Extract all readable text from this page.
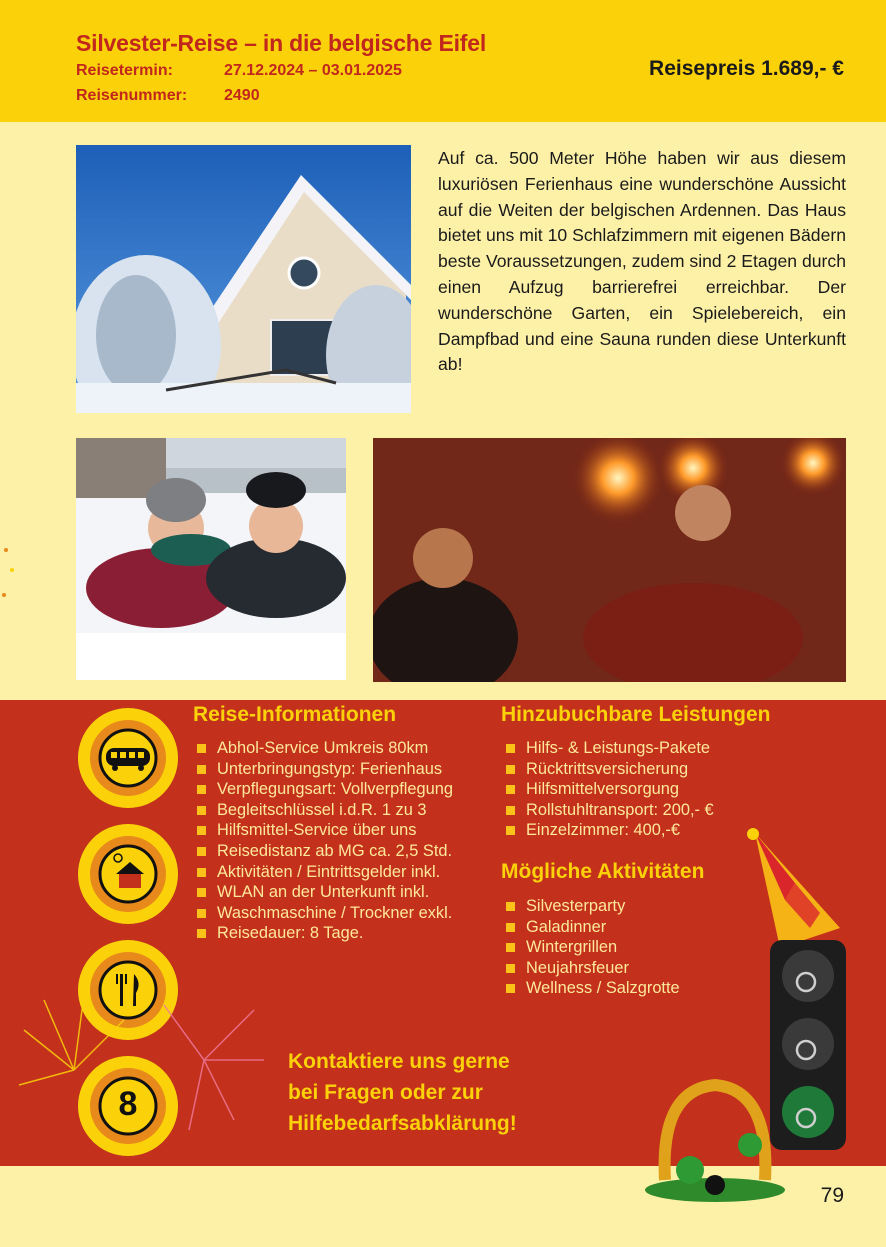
Silvester-Reise – in die belgische Eifel
Reisetermin:	27.12.2024 – 03.01.2025
Reisenummer: 2490
Reisepreis 1.689,- €
Auf ca. 500 Meter Höhe haben wir aus diesem luxuriösen Ferienhaus eine wunderschöne Aussicht auf die Weiten der belgischen Ardennen. Das Haus bietet uns mit 10 Schlafzimmern mit eigenen Bädern beste Voraussetzungen, zudem sind 2 Etagen durch einen Aufzug barrierefrei erreichbar. Der wunderschöne Garten, ein Spielebereich, ein Dampfbad und eine Sauna runden diese Unterkunft ab!
8
Reise-Informationen
Abhol-Service Umkreis 80km
Unterbringungstyp: Ferienhaus
Verpflegungsart: Vollverpflegung
Begleitschlüssel i.d.R. 1 zu 3
Hilfsmittel-Service über uns
Reisedistanz ab MG ca. 2,5 Std.
Aktivitäten / Eintrittsgelder inkl.
WLAN an der Unterkunft inkl.
Waschmaschine / Trockner exkl.
Reisedauer: 8 Tage.
Hinzubuchbare Leistungen
Hilfs- & Leistungs-Pakete
Rücktrittsversicherung
Hilfsmittelversorgung
Rollstuhltransport: 200,- €
Einzelzimmer: 400,-€
Mögliche Aktivitäten
Silvesterparty
Galadinner
Wintergrillen
Neujahrsfeuer
Wellness / Salzgrotte
Kontaktiere uns gerne
bei Fragen oder zur
Hilfebedarfsabklärung!
79
